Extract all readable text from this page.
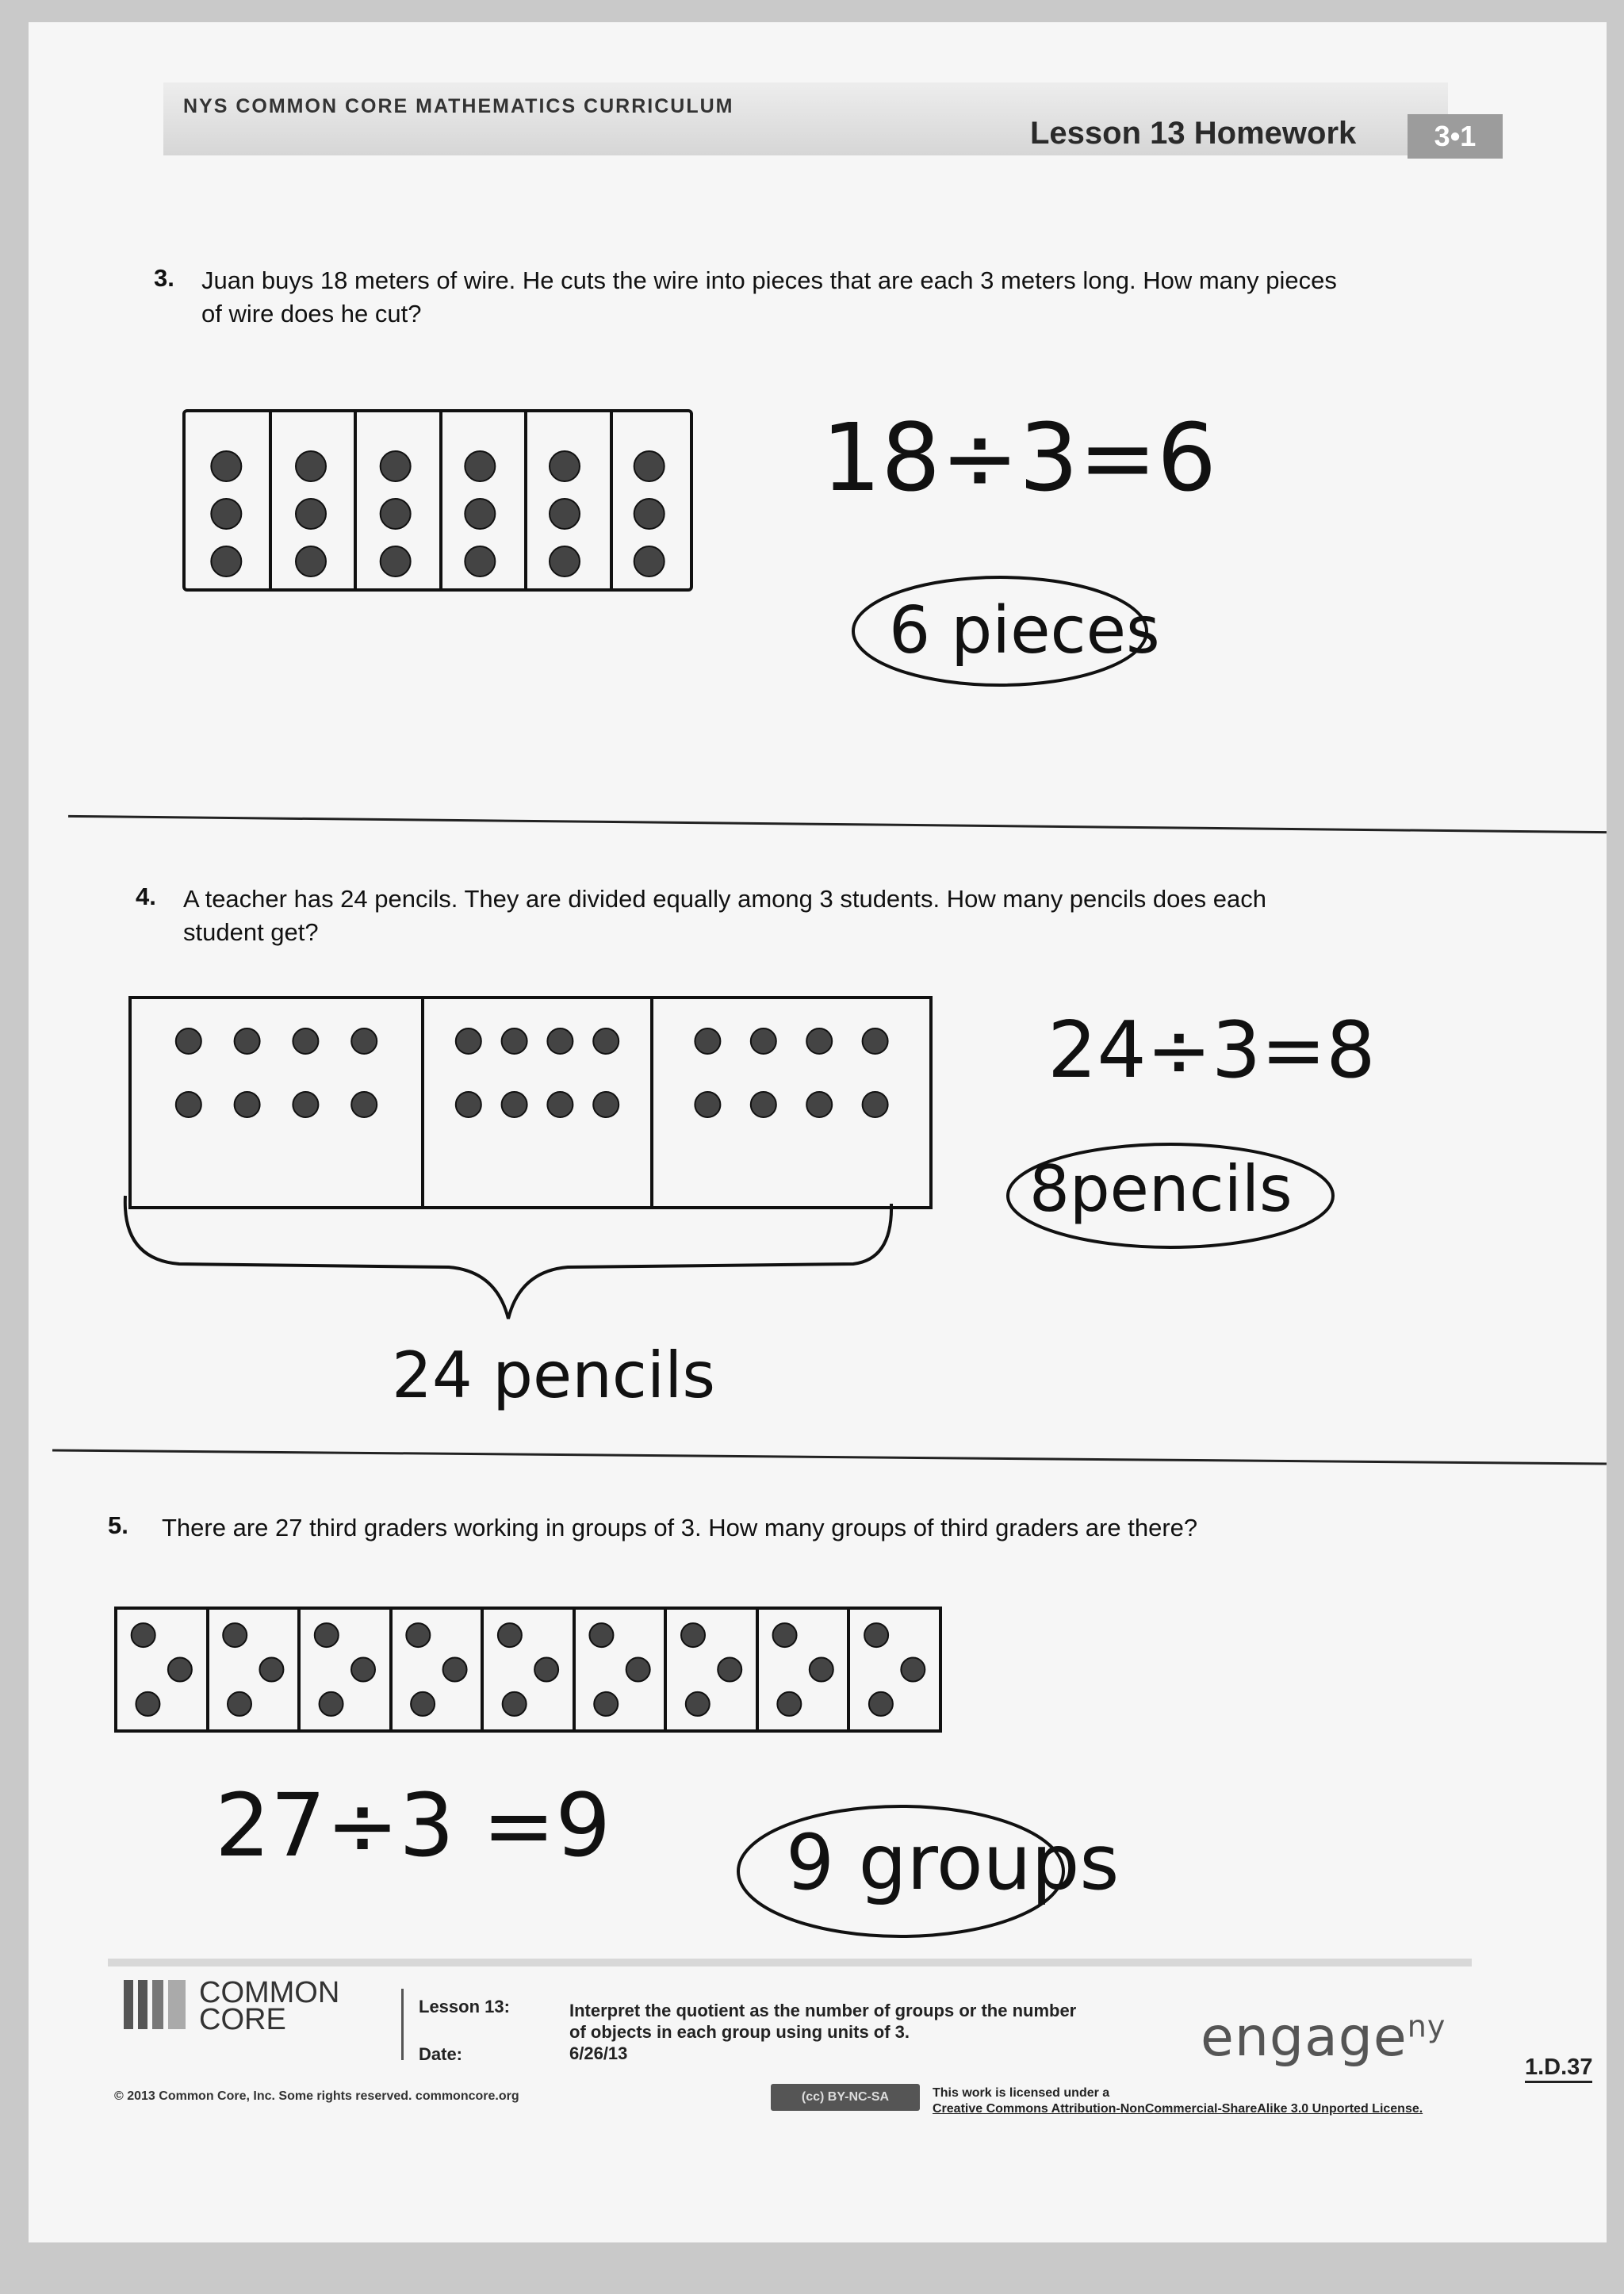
NYS COMMON CORE MATHEMATICS CURRICULUM
Lesson 13 Homework	3•1
3. Juan buys 18 meters of wire. He cuts the wire into pieces that are each 3 meters long. How many pieces
of wire does he cut?
18÷3=6
6 pieces
4. A teacher has 24 pencils. They are divided equally among 3 students. How many pencils does each
student get?
24÷3=8
8pencils
24 pencils
5. There are 27 third graders working in groups of 3. How many groups of third graders are there?
27÷3 =9 9 groups
COMMON
CORE	Lesson 13:
Date:
Interpret the quotient as the number of groups or the number
of objects in each group using units of 3.
6/26/13	engage$^{ny}$
1.D.37
© 2013 Common Core, Inc. Some rights reserved. commoncore.org	(cc) BY-NC-SA	This work is licensed under a
Creative Commons Attribution-NonCommercial-ShareAlike 3.0 Unported License.
